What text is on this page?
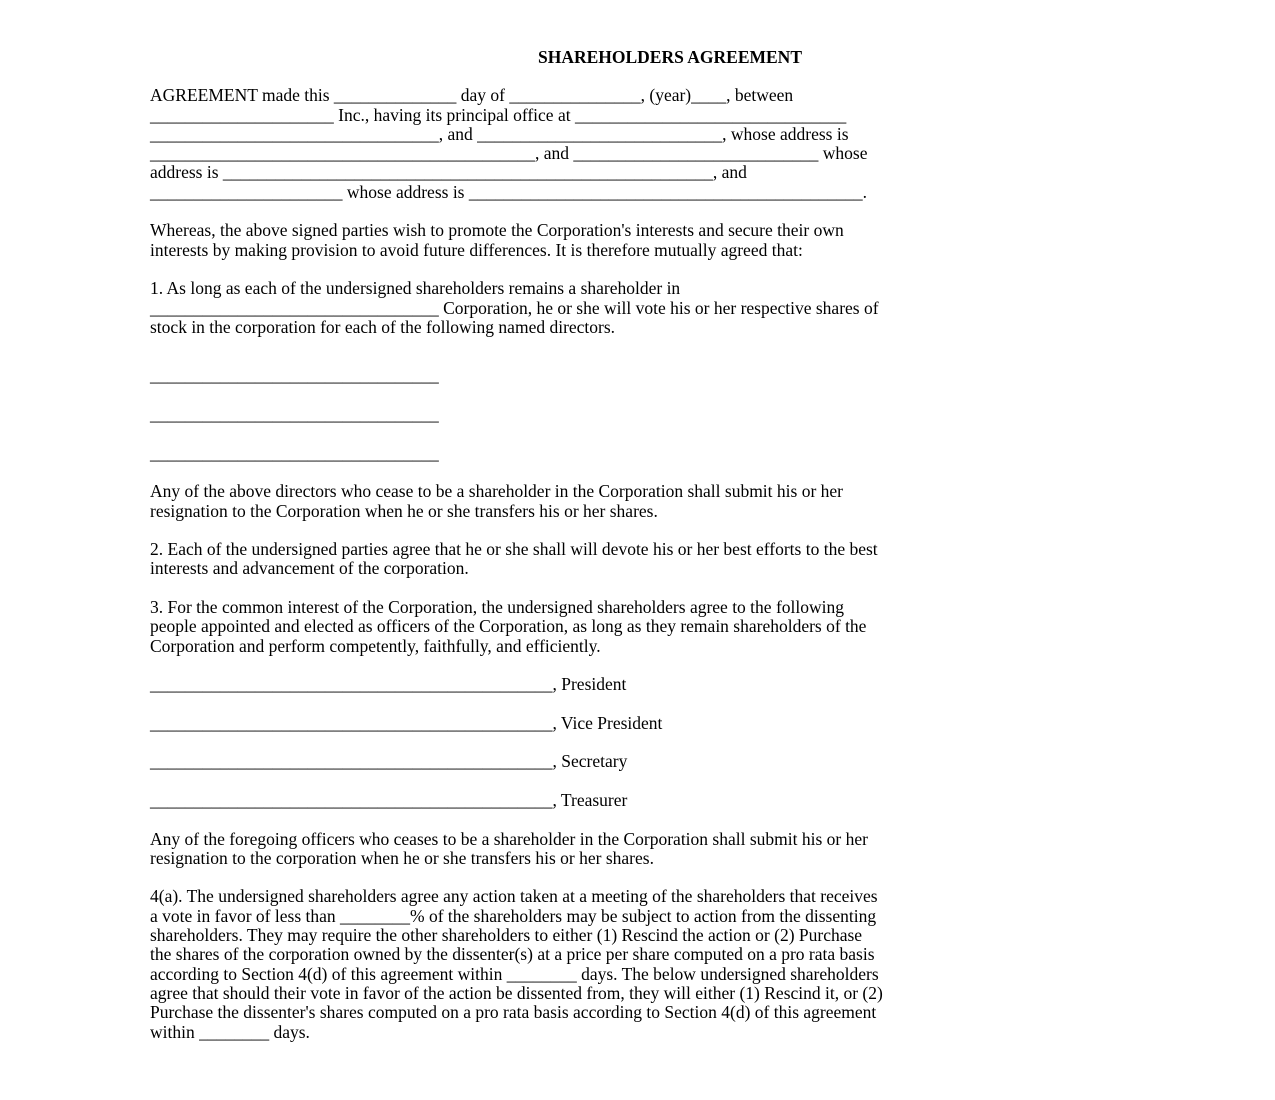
SHAREHOLDERS AGREEMENT
AGREEMENT made this ______________ day of _______________, (year)____, between
_____________________ Inc., having its principal office at _______________________________
_________________________________, and ____________________________, whose address is
____________________________________________, and ____________________________ whose
address is ________________________________________________________, and
______________________ whose address is _____________________________________________.
Whereas, the above signed parties wish to promote the Corporation's interests and secure their own
interests by making provision to avoid future differences. It is therefore mutually agreed that:
1. As long as each of the undersigned shareholders remains a shareholder in
_________________________________ Corporation, he or she will vote his or her respective shares of
stock in the corporation for each of the following named directors.
_________________________________
_________________________________
_________________________________
Any of the above directors who cease to be a shareholder in the Corporation shall submit his or her
resignation to the Corporation when he or she transfers his or her shares.
2. Each of the undersigned parties agree that he or she shall will devote his or her best efforts to the best
interests and advancement of the corporation.
3. For the common interest of the Corporation, the undersigned shareholders agree to the following
people appointed and elected as officers of the Corporation, as long as they remain shareholders of the
Corporation and perform competently, faithfully, and efficiently.
______________________________________________, President
______________________________________________, Vice President
______________________________________________, Secretary
______________________________________________, Treasurer
Any of the foregoing officers who ceases to be a shareholder in the Corporation shall submit his or her
resignation to the corporation when he or she transfers his or her shares.
4(a). The undersigned shareholders agree any action taken at a meeting of the shareholders that receives
a vote in favor of less than ________% of the shareholders may be subject to action from the dissenting
shareholders. They may require the other shareholders to either (1) Rescind the action or (2) Purchase
the shares of the corporation owned by the dissenter(s) at a price per share computed on a pro rata basis
according to Section 4(d) of this agreement within ________ days. The below undersigned shareholders
agree that should their vote in favor of the action be dissented from, they will either (1) Rescind it, or (2)
Purchase the dissenter's shares computed on a pro rata basis according to Section 4(d) of this agreement
within ________ days.
